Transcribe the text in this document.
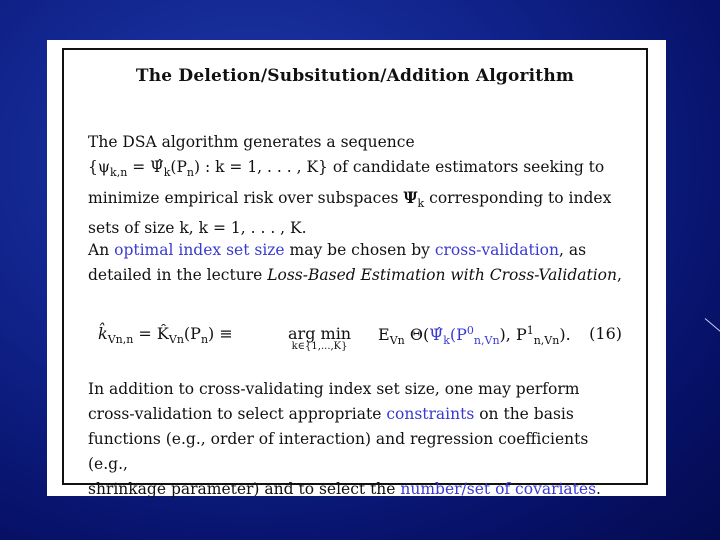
The Deletion/Subsitution/Addition Algorithm

The DSA algorithm generates a sequence
{$\psi_{k,n}$ = $\Psî_k(P_n)$ : k = 1, . . . , K} of candidate estimators seeking to
minimize empirical risk over subspaces $\Psi_k$ corresponding to index
sets of size k, k = 1, . . . , K.

An optimal index set size may be chosen by cross-validation, as
detailed in the lecture Loss-Based Estimation with Cross-Validation,

$k̂_{Vn,n}$ = $K̂_{Vn}(P_n)$ ≡	arg min
k∈{1,...,K}
$E_{Vn}$ $\Theta(\Psî_k(P^0_{n,Vn})$, $P^1_{n,Vn}$). (16)

In addition to cross-validating index set size, one may perform
cross-validation to select appropriate constraints on the basis
functions (e.g., order of interaction) and regression coefficients (e.g.,
shrinkage parameter) and to select the number/set of covariates.
